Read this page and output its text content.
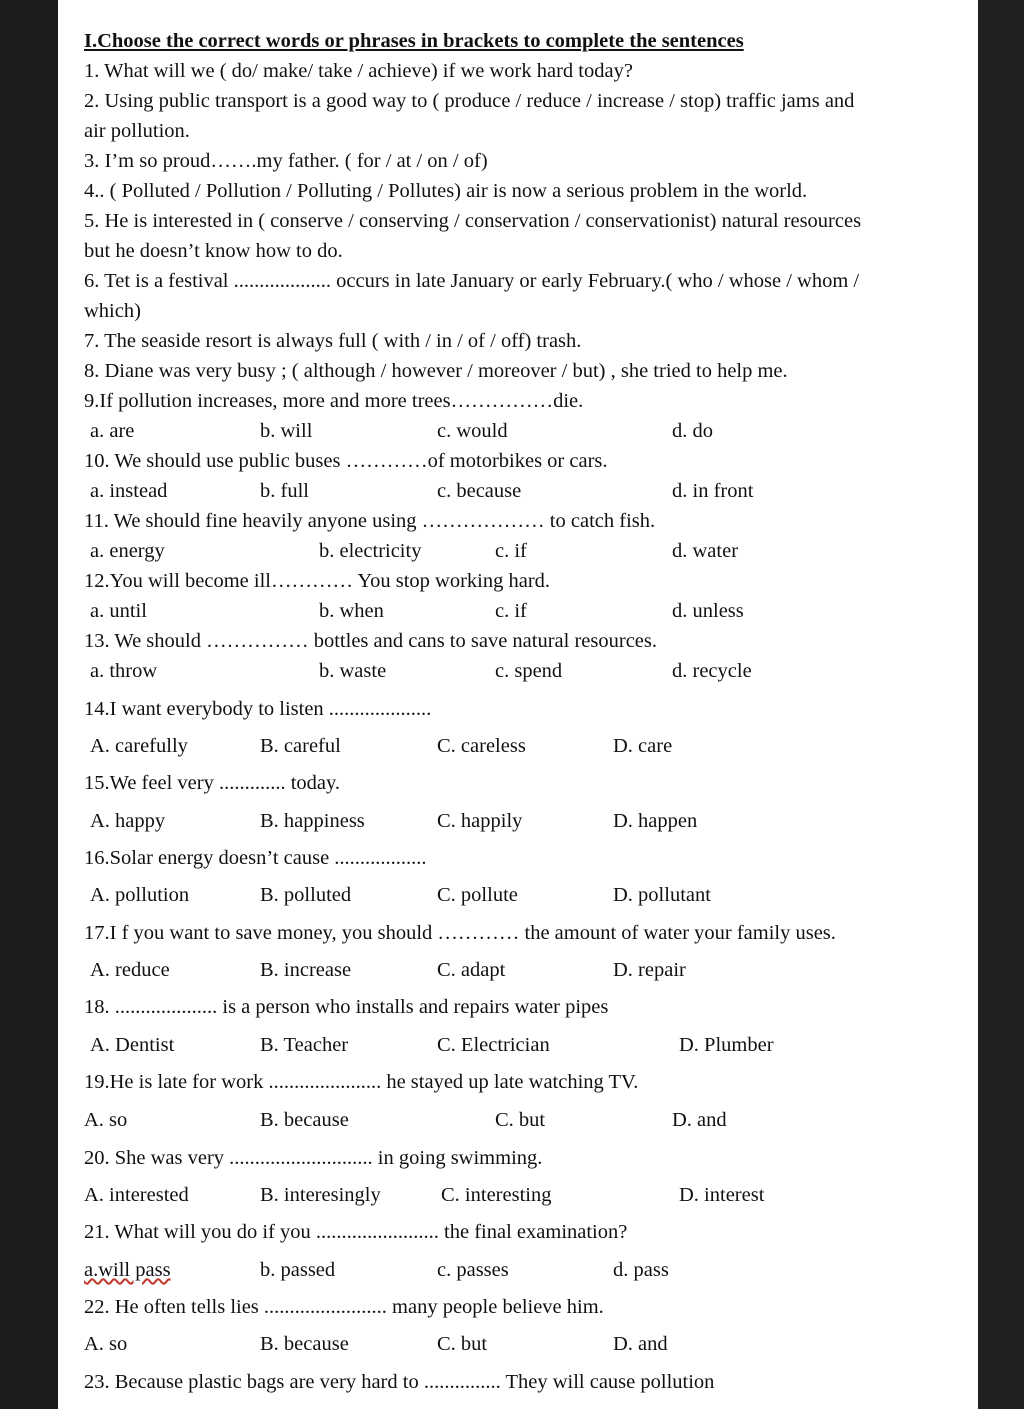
I.Choose the correct words or phrases in brackets to complete the sentences
1. What will we ( do/ make/ take / achieve) if we work hard today?
2. Using public transport is a good way to ( produce / reduce / increase / stop) traffic jams and
air pollution.
3. I’m so proud…….my father. ( for / at / on / of)
4.. ( Polluted / Pollution / Polluting / Pollutes) air is now a serious problem in the world.
5. He is interested in ( conserve / conserving / conservation / conservationist) natural resources
but he doesn’t know how to do.
6. Tet is a festival ................... occurs in late January or early February.( who / whose / whom /
which)
7. The seaside resort is always full ( with / in / of / off) trash.
8. Diane was very busy ; ( although / however / moreover / but) , she tried to help me.
9.If pollution increases, more and more trees……………die.
a. are	b. will	c. would	d. do
10. We should use public buses …………of motorbikes or cars.
a. instead	b. full	c. because	d. in front
11. We should fine heavily anyone using ……………… to catch fish.
a. energy	b. electricity	c. if	d. water
12.You will become ill………… You stop working hard.
a. until	b. when	c. if	d. unless
13. We should …………… bottles and cans to save natural resources.
a. throw	b. waste	c. spend	d. recycle
14.I want everybody to listen ....................
A. carefully	B. careful	C. careless	D. care
15.We feel very ............. today.
A. happy	B. happiness	C. happily	D. happen
16.Solar energy doesn’t cause ..................
A. pollution	B. polluted	C. pollute	D. pollutant
17.I f you want to save money, you should ………… the amount of water your family uses.
A. reduce	B. increase	C. adapt	D. repair
18. .................... is a person who installs and repairs water pipes
A. Dentist	B. Teacher	C. Electrician	D. Plumber
19.He is late for work ...................... he stayed up late watching TV.
A. so	B. because	C. but	D. and
20. She was very ............................ in going swimming.
A. interested	B. interesingly	C. interesting	D. interest
21. What will you do if you ........................ the final examination?
a.will pass	b. passed	c. passes	d. pass
22. He often tells lies ........................ many people believe him.
A. so	B. because	C. but	D. and
23. Because plastic bags are very hard to ............... They will cause pollution
